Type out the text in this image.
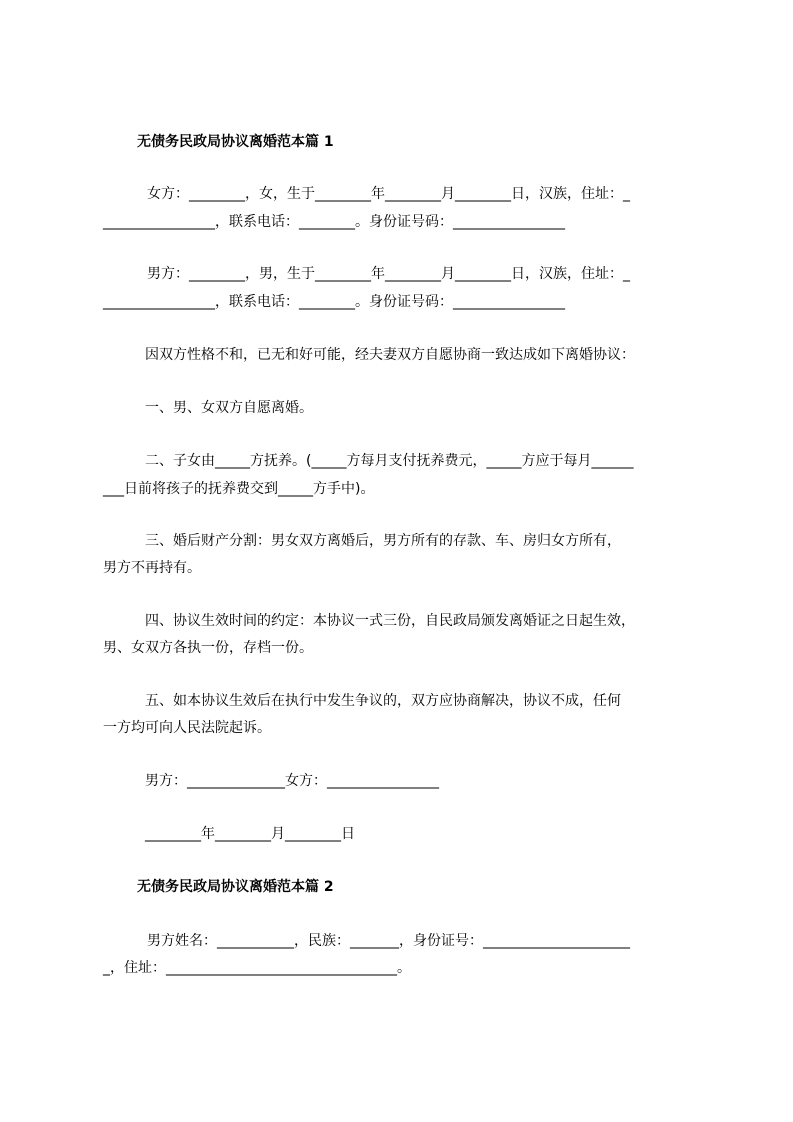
无债务民政局协议离婚范本篇 1
女方：________，女，生于________年________月________日，汉族，住址：_
________________，联系电话：________。身份证号码：________________
男方：________，男，生于________年________月________日，汉族，住址：_
________________，联系电话：________。身份证号码：________________
因双方性格不和，已无和好可能，经夫妻双方自愿协商一致达成如下离婚协议：
一、男、女双方自愿离婚。
二、子女由_____方抚养。(_____方每月支付抚养费元，_____方应于每月______
___日前将孩子的抚养费交到_____方手中)。
三、婚后财产分割：男女双方离婚后，男方所有的存款、车、房归女方所有，
男方不再持有。
四、协议生效时间的约定：本协议一式三份，自民政局颁发离婚证之日起生效，
男、女双方各执一份，存档一份。
五、如本协议生效后在执行中发生争议的，双方应协商解决，协议不成，任何
一方均可向人民法院起诉。
男方：______________女方：________________
________年________月________日
无债务民政局协议离婚范本篇 2
男方姓名：___________，民族：_______，身份证号：_____________________
_，住址：_________________________________。
